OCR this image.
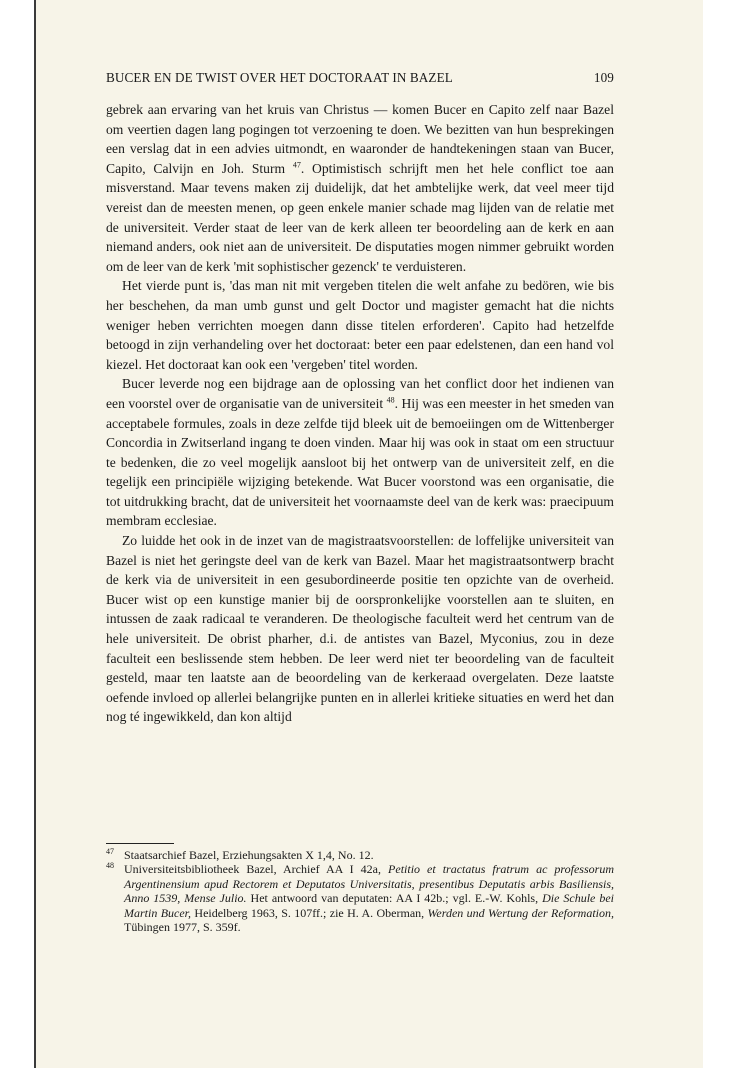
BUCER EN DE TWIST OVER HET DOCTORAAT IN BAZEL	109

gebrek aan ervaring van het kruis van Christus — komen Bucer en Capito zelf naar Bazel om veertien dagen lang pogingen tot verzoening te doen. We bezitten van hun besprekingen een verslag dat in een advies uitmondt, en waaronder de handtekeningen staan van Bucer, Capito, Calvijn en Joh. Sturm $^{47}$. Optimistisch schrijft men het hele conflict toe aan misverstand. Maar tevens maken zij duidelijk, dat het ambtelijke werk, dat veel meer tijd vereist dan de meesten menen, op geen enkele manier schade mag lijden van de relatie met de universiteit. Verder staat de leer van de kerk alleen ter beoordeling aan de kerk en aan niemand anders, ook niet aan de universiteit. De disputaties mogen nimmer gebruikt worden om de leer van de kerk 'mit sophistischer gezenck' te verduisteren.

Het vierde punt is, 'das man nit mit vergeben titelen die welt anfahe zu bedören, wie bis her beschehen, da man umb gunst und gelt Doctor und magister gemacht hat die nichts weniger heben verrichten moegen dann disse titelen erforderen'. Capito had hetzelfde betoogd in zijn verhandeling over het doctoraat: beter een paar edelstenen, dan een hand vol kiezel. Het doctoraat kan ook een 'vergeben' titel worden.

Bucer leverde nog een bijdrage aan de oplossing van het conflict door het indienen van een voorstel over de organisatie van de universiteit $^{48}$. Hij was een meester in het smeden van acceptabele formules, zoals in deze zelfde tijd bleek uit de bemoeiingen om de Wittenberger Concordia in Zwitserland ingang te doen vinden. Maar hij was ook in staat om een structuur te bedenken, die zo veel mogelijk aansloot bij het ontwerp van de universiteit zelf, en die tegelijk een principiële wijziging betekende. Wat Bucer voorstond was een organisatie, die tot uitdrukking bracht, dat de universiteit het voornaamste deel van de kerk was: praecipuum membram ecclesiae.

Zo luidde het ook in de inzet van de magistraatsvoorstellen: de loffelijke universiteit van Bazel is niet het geringste deel van de kerk van Bazel. Maar het magistraatsontwerp bracht de kerk via de universiteit in een gesubordineerde positie ten opzichte van de overheid. Bucer wist op een kunstige manier bij de oorspronkelijke voorstellen aan te sluiten, en intussen de zaak radicaal te veranderen. De theologische faculteit werd het centrum van de hele universiteit. De obrist pharher, d.i. de antistes van Bazel, Myconius, zou in deze faculteit een beslissende stem hebben. De leer werd niet ter beoordeling van de faculteit gesteld, maar ten laatste aan de beoordeling van de kerkeraad overgelaten. Deze laatste oefende invloed op allerlei belangrijke punten en in allerlei kritieke situaties en werd het dan nog té ingewikkeld, dan kon altijd

$^{47}$ Staatsarchief Bazel, Erziehungsakten X 1,4, No. 12.
$^{48}$ Universiteitsbibliotheek Bazel, Archief AA I 42a, Petitio et tractatus fratrum ac professorum Argentinensium apud Rectorem et Deputatos Universitatis, presentibus Deputatis arbis Basiliensis, Anno 1539, Mense Julio. Het antwoord van deputaten: AA I 42b.; vgl. E.-W. Kohls, Die Schule bei Martin Bucer, Heidelberg 1963, S. 107ff.; zie H. A. Oberman, Werden und Wertung der Reformation, Tübingen 1977, S. 359f.
